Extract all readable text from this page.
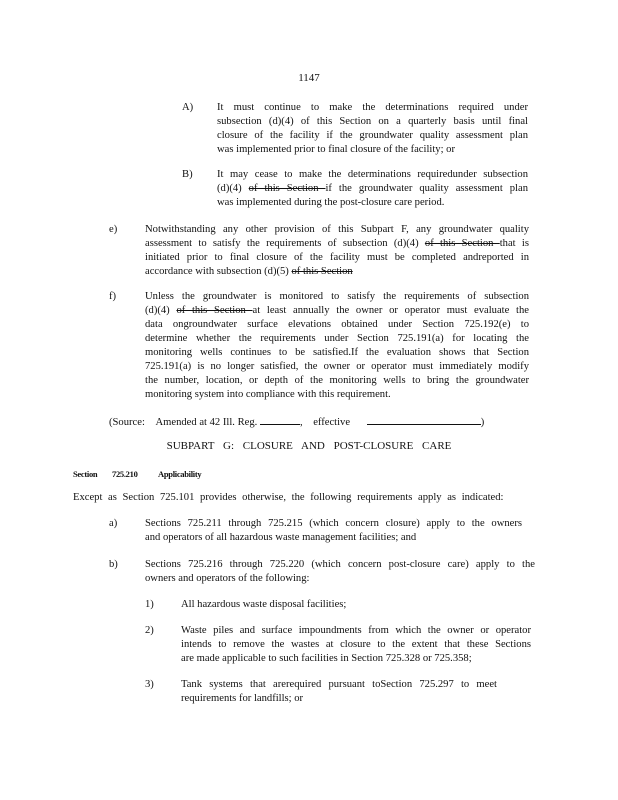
1147
A) It must continue to make the determinations required under

subsection (d)(4) of this Section on a quarterly basis until final

closure of the facility if the groundwater quality assessment plan

was implemented prior to final closure of the facility; or

B) It may cease to make the determinations requiredunder subsection

(d)(4) of this Section if the groundwater quality assessment plan

was implemented during the post-closure care period.

e)	Notwithstanding any other provision of this Subpart F, any groundwater quality

assessment to satisfy the requirements of subsection (d)(4) of this Section that is

initiated prior to final closure of the facility must be completed andreported in

accordance with subsection (d)(5) of this Section

f)	Unless the groundwater is monitored to satisfy the requirements of subsection

(d)(4) of this Section at least annually the owner or operator must evaluate the

data ongroundwater surface elevations obtained under Section 725.192(e) to

determine whether the requirements under Section 725.191(a) for locating the

monitoring wells continues to be satisfied.If the evaluation shows that Section

725.191(a) is no longer satisfied, the owner or operator must immediately modify

the number, location, or depth of the monitoring wells to bring the groundwater

monitoring system into compliance with this requirement.

(Source: Amended at 42 Ill. Reg.	,    effective	)
SUBPART G: CLOSURE AND POST-CLOSURE CARE
Section 725.210 Applicability

Except as Section 725.101 provides otherwise, the following requirements apply as indicated:

a)	Sections 725.211 through 725.215 (which concern closure) apply to the owners

and operators of all hazardous waste management facilities; and

b)	Sections 725.216 through 725.220 (which concern post-closure care) apply to the

owners and operators of the following:

1)	All hazardous waste disposal facilities;

2)	Waste piles and surface impoundments from which the owner or operator

intends to remove the wastes at closure to the extent that these Sections

are made applicable to such facilities in Section 725.328 or 725.358;

3)	Tank systems that arerequired pursuant toSection 725.297 to meet

requirements for landfills; or
